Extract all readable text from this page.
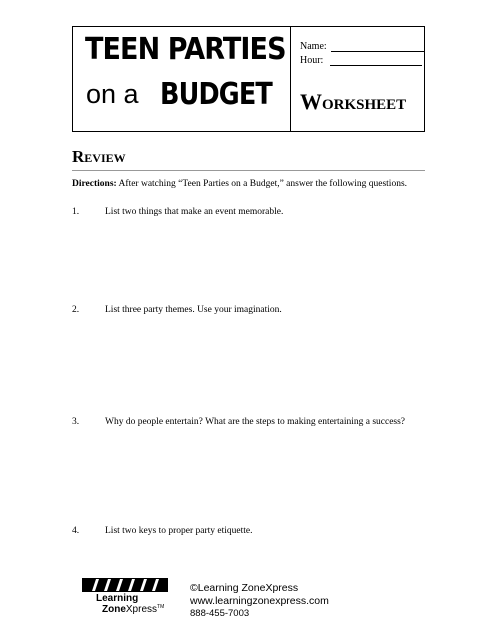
TEEN PARTIES
on a BUDGET
Name:
Hour:
Worksheet
Review
Directions: After watching “Teen Parties on a Budget,” answer the following questions.
1.	List two things that make an event memorable.
2.	List three party themes. Use your imagination.
3.	Why do people entertain? What are the steps to making entertaining a success?
4.	List two keys to proper party etiquette.
Learning
ZoneXpress™
©Learning ZoneXpress
www.learningzonexpress.com
888-455-7003
